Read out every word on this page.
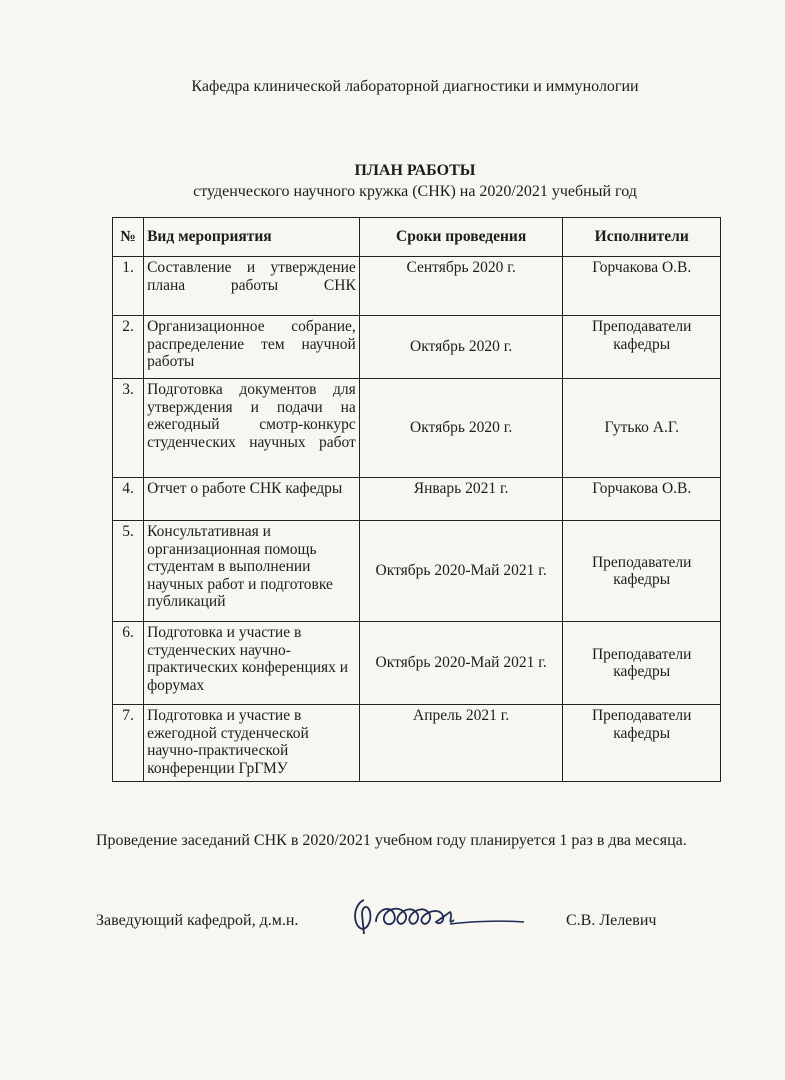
Кафедра клинической лабораторной диагностики и иммунологии
ПЛАН РАБОТЫ
студенческого научного кружка (СНК) на 2020/2021 учебный год
№	Вид мероприятия	Сроки проведения	Исполнители
1.	Составление и утверждение плана работы СНК	Сентябрь 2020 г.	Горчакова О.В.
2.	Организационное собрание, распределение тем научной работы	Октябрь 2020 г.	Преподаватели кафедры
3.	Подготовка документов для утверждения и подачи на ежегодный смотр-конкурс студенческих научных работ	Октябрь 2020 г.	Гутько А.Г.
4.	Отчет о работе СНК кафедры	Январь 2021 г.	Горчакова О.В.
5.	Консультативная и организационная помощь студентам в выполнении научных работ и подготовке публикаций	Октябрь 2020-Май 2021 г.	Преподаватели кафедры
6.	Подготовка и участие в студенческих научно-практических конференциях и форумах	Октябрь 2020-Май 2021 г.	Преподаватели кафедры
7.	Подготовка и участие в ежегодной студенческой научно-практической конференции ГрГМУ	Апрель 2021 г.	Преподаватели кафедры
Проведение заседаний СНК в 2020/2021 учебном году планируется 1 раз в два месяца.
Заведующий кафедрой, д.м.н.	С.В. Лелевич
